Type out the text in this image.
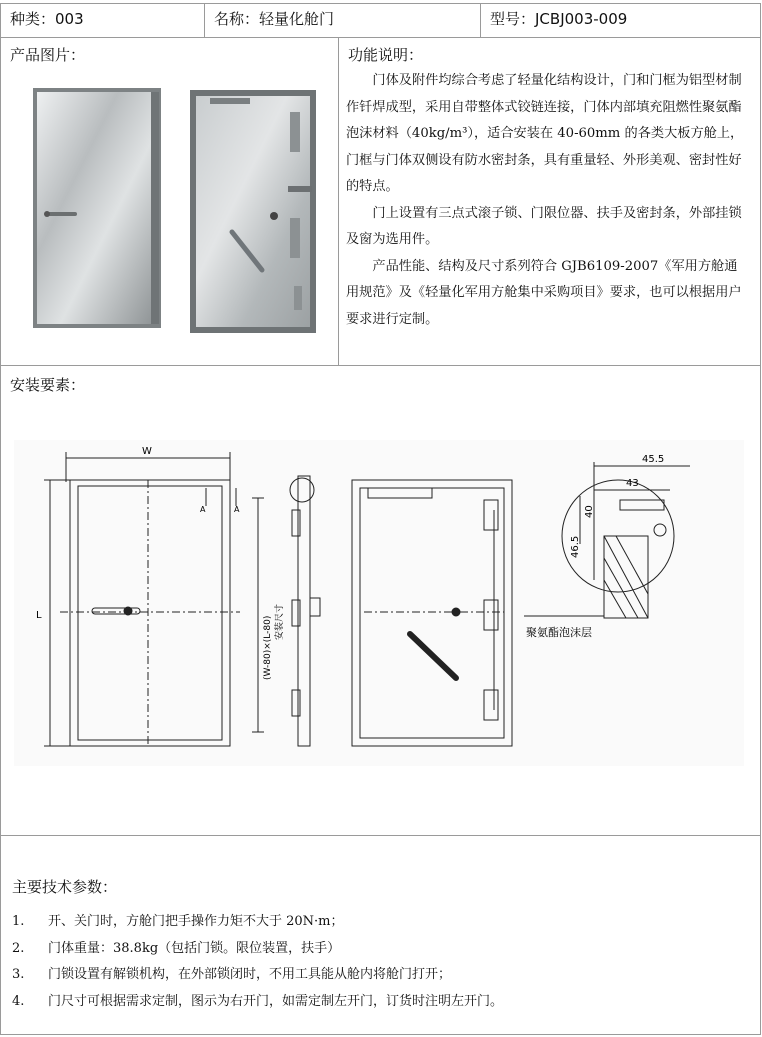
种类：003	名称：轻量化舱门	型号：JCBJ003-009
产品图片：	功能说明：

门体及附件均综合考虑了轻量化结构设计，门和门框为铝型材制作钎焊成型，采用自带整体式铰链连接，门体内部填充阻燃性聚氨酯泡沫材料（40kg/m³），适合安装在 40-60mm 的各类大板方舱上，门框与门体双侧设有防水密封条，具有重量轻、外形美观、密封性好的特点。

门上设置有三点式滚子锁、门限位器、扶手及密封条，外部挂锁及窗为选用件。

产品性能、结构及尺寸系列符合 GJB6109-2007《军用方舱通用规范》及《轻量化军用方舱集中采购项目》要求，也可以根据用户要求进行定制。

安装要素：
W
L
A	A
(W-80)×(L-80) 安装尺寸
45.5
43
40
46.5
聚氨酯泡沫层
主要技术参数：
1.	开、关门时，方舱门把手操作力矩不大于 20N·m；
2.	门体重量：38.8kg（包括门锁。限位装置，扶手）
3.	门锁设置有解锁机构，在外部锁闭时，不用工具能从舱内将舱门打开；
4.	门尺寸可根据需求定制，图示为右开门，如需定制左开门，订货时注明左开门。
